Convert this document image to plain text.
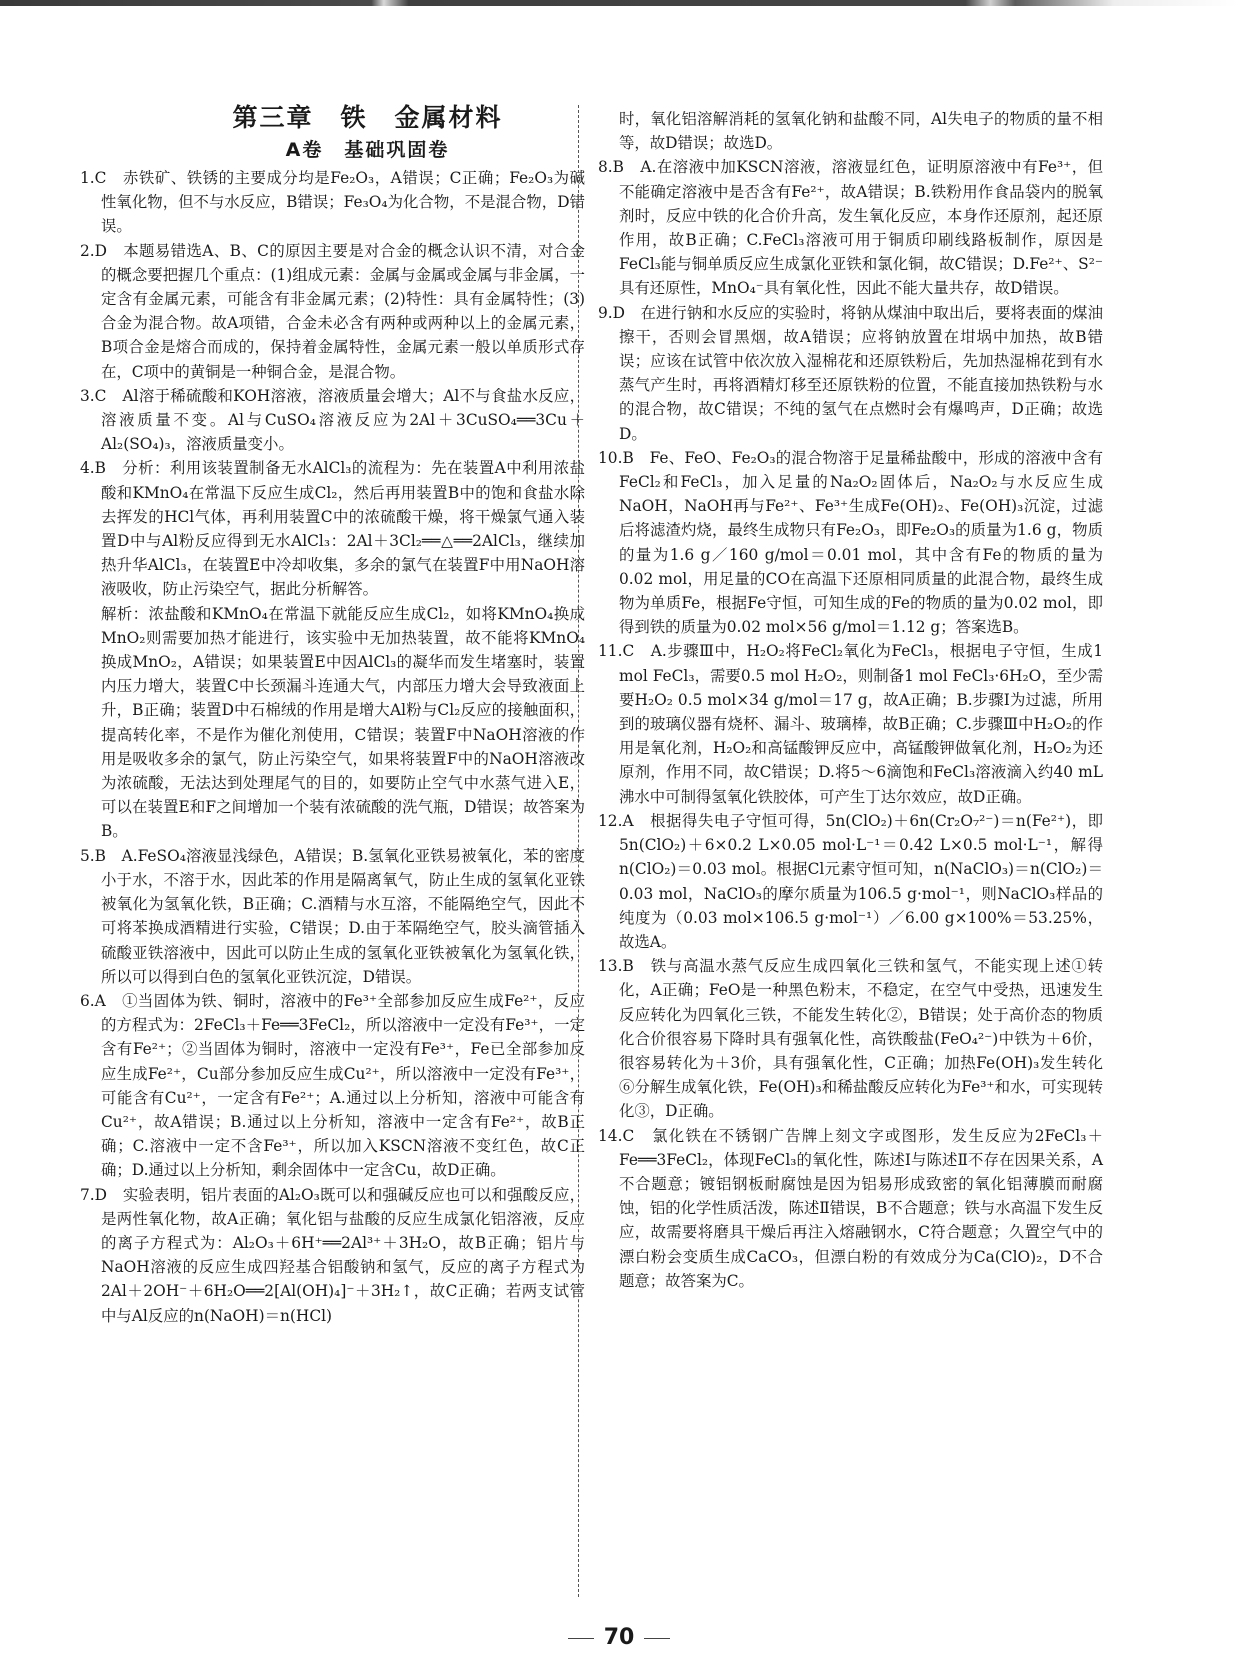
第三章　铁　金属材料
A卷　基础巩固卷

1.C　赤铁矿、铁锈的主要成分均是Fe₂O₃，A错误；C正确；Fe₂O₃为碱性氧化物，但不与水反应，B错误；Fe₃O₄为化合物，不是混合物，D错误。

2.D　本题易错选A、B、C的原因主要是对合金的概念认识不清，对合金的概念要把握几个重点：(1)组成元素：金属与金属或金属与非金属，一定含有金属元素，可能含有非金属元素；(2)特性：具有金属特性；(3)合金为混合物。故A项错，合金未必含有两种或两种以上的金属元素，B项合金是熔合而成的，保持着金属特性，金属元素一般以单质形式存在，C项中的黄铜是一种铜合金，是混合物。

3.C　Al溶于稀硫酸和KOH溶液，溶液质量会增大；Al不与食盐水反应，溶液质量不变。Al与CuSO₄溶液反应为2Al＋3CuSO₄══3Cu＋Al₂(SO₄)₃，溶液质量变小。

4.B　分析：利用该装置制备无水AlCl₃的流程为：先在装置A中利用浓盐酸和KMnO₄在常温下反应生成Cl₂，然后再用装置B中的饱和食盐水除去挥发的HCl气体，再利用装置C中的浓硫酸干燥，将干燥氯气通入装置D中与Al粉反应得到无水AlCl₃：2Al＋3Cl₂══△══2AlCl₃，继续加热升华AlCl₃，在装置E中冷却收集，多余的氯气在装置F中用NaOH溶液吸收，防止污染空气，据此分析解答。

解析：浓盐酸和KMnO₄在常温下就能反应生成Cl₂，如将KMnO₄换成MnO₂则需要加热才能进行，该实验中无加热装置，故不能将KMnO₄换成MnO₂，A错误；如果装置E中因AlCl₃的凝华而发生堵塞时，装置内压力增大，装置C中长颈漏斗连通大气，内部压力增大会导致液面上升，B正确；装置D中石棉绒的作用是增大Al粉与Cl₂反应的接触面积，提高转化率，不是作为催化剂使用，C错误；装置F中NaOH溶液的作用是吸收多余的氯气，防止污染空气，如果将装置F中的NaOH溶液改为浓硫酸，无法达到处理尾气的目的，如要防止空气中水蒸气进入E，可以在装置E和F之间增加一个装有浓硫酸的洗气瓶，D错误；故答案为B。

5.B　A.FeSO₄溶液显浅绿色，A错误；B.氢氧化亚铁易被氧化，苯的密度小于水，不溶于水，因此苯的作用是隔离氧气，防止生成的氢氧化亚铁被氧化为氢氧化铁，B正确；C.酒精与水互溶，不能隔绝空气，因此不可将苯换成酒精进行实验，C错误；D.由于苯隔绝空气，胶头滴管插入硫酸亚铁溶液中，因此可以防止生成的氢氧化亚铁被氧化为氢氧化铁，所以可以得到白色的氢氧化亚铁沉淀，D错误。

6.A　①当固体为铁、铜时，溶液中的Fe³⁺全部参加反应生成Fe²⁺，反应的方程式为：2FeCl₃＋Fe══3FeCl₂，所以溶液中一定没有Fe³⁺，一定含有Fe²⁺；②当固体为铜时，溶液中一定没有Fe³⁺，Fe已全部参加反应生成Fe²⁺，Cu部分参加反应生成Cu²⁺，所以溶液中一定没有Fe³⁺，可能含有Cu²⁺，一定含有Fe²⁺；A.通过以上分析知，溶液中可能含有Cu²⁺，故A错误；B.通过以上分析知，溶液中一定含有Fe²⁺，故B正确；C.溶液中一定不含Fe³⁺，所以加入KSCN溶液不变红色，故C正确；D.通过以上分析知，剩余固体中一定含Cu，故D正确。

7.D　实验表明，铝片表面的Al₂O₃既可以和强碱反应也可以和强酸反应，是两性氧化物，故A正确；氧化铝与盐酸的反应生成氯化铝溶液，反应的离子方程式为：Al₂O₃＋6H⁺══2Al³⁺＋3H₂O，故B正确；铝片与NaOH溶液的反应生成四羟基合铝酸钠和氢气，反应的离子方程式为2Al＋2OH⁻＋6H₂O══2[Al(OH)₄]⁻＋3H₂↑，故C正确；若两支试管中与Al反应的n(NaOH)＝n(HCl)

时，氧化铝溶解消耗的氢氧化钠和盐酸不同，Al失电子的物质的量不相等，故D错误；故选D。

8.B　A.在溶液中加KSCN溶液，溶液显红色，证明原溶液中有Fe³⁺，但不能确定溶液中是否含有Fe²⁺，故A错误；B.铁粉用作食品袋内的脱氧剂时，反应中铁的化合价升高，发生氧化反应，本身作还原剂，起还原作用，故B正确；C.FeCl₃溶液可用于铜质印刷线路板制作，原因是FeCl₃能与铜单质反应生成氯化亚铁和氯化铜，故C错误；D.Fe²⁺、S²⁻具有还原性，MnO₄⁻具有氧化性，因此不能大量共存，故D错误。

9.D　在进行钠和水反应的实验时，将钠从煤油中取出后，要将表面的煤油擦干，否则会冒黑烟，故A错误；应将钠放置在坩埚中加热，故B错误；应该在试管中依次放入湿棉花和还原铁粉后，先加热湿棉花到有水蒸气产生时，再将酒精灯移至还原铁粉的位置，不能直接加热铁粉与水的混合物，故C错误；不纯的氢气在点燃时会有爆鸣声，D正确；故选D。

10.B　Fe、FeO、Fe₂O₃的混合物溶于足量稀盐酸中，形成的溶液中含有FeCl₂和FeCl₃，加入足量的Na₂O₂固体后，Na₂O₂与水反应生成NaOH，NaOH再与Fe²⁺、Fe³⁺生成Fe(OH)₂、Fe(OH)₃沉淀，过滤后将滤渣灼烧，最终生成物只有Fe₂O₃，即Fe₂O₃的质量为1.6 g，物质的量为1.6 g／160 g/mol＝0.01 mol，其中含有Fe的物质的量为0.02 mol，用足量的CO在高温下还原相同质量的此混合物，最终生成物为单质Fe，根据Fe守恒，可知生成的Fe的物质的量为0.02 mol，即得到铁的质量为0.02 mol×56 g/mol＝1.12 g；答案选B。

11.C　A.步骤Ⅲ中，H₂O₂将FeCl₂氧化为FeCl₃，根据电子守恒，生成1 mol FeCl₃，需要0.5 mol H₂O₂，则制备1 mol FeCl₃·6H₂O，至少需要H₂O₂ 0.5 mol×34 g/mol＝17 g，故A正确；B.步骤Ⅰ为过滤，所用到的玻璃仪器有烧杯、漏斗、玻璃棒，故B正确；C.步骤Ⅲ中H₂O₂的作用是氧化剂，H₂O₂和高锰酸钾反应中，高锰酸钾做氧化剂，H₂O₂为还原剂，作用不同，故C错误；D.将5～6滴饱和FeCl₃溶液滴入约40 mL沸水中可制得氢氧化铁胶体，可产生丁达尔效应，故D正确。

12.A　根据得失电子守恒可得，5n(ClO₂)＋6n(Cr₂O₇²⁻)＝n(Fe²⁺)，即5n(ClO₂)＋6×0.2 L×0.05 mol·L⁻¹＝0.42 L×0.5 mol·L⁻¹，解得n(ClO₂)＝0.03 mol。根据Cl元素守恒可知，n(NaClO₃)＝n(ClO₂)＝0.03 mol，NaClO₃的摩尔质量为106.5 g·mol⁻¹，则NaClO₃样品的纯度为（0.03 mol×106.5 g·mol⁻¹）／6.00 g×100%＝53.25%，故选A。

13.B　铁与高温水蒸气反应生成四氧化三铁和氢气，不能实现上述①转化，A正确；FeO是一种黑色粉末，不稳定，在空气中受热，迅速发生反应转化为四氧化三铁，不能发生转化②，B错误；处于高价态的物质化合价很容易下降时具有强氧化性，高铁酸盐(FeO₄²⁻)中铁为＋6价，很容易转化为＋3价，具有强氧化性，C正确；加热Fe(OH)₃发生转化⑥分解生成氧化铁，Fe(OH)₃和稀盐酸反应转化为Fe³⁺和水，可实现转化③，D正确。

14.C　氯化铁在不锈钢广告牌上刻文字或图形，发生反应为2FeCl₃＋Fe══3FeCl₂，体现FeCl₃的氧化性，陈述Ⅰ与陈述Ⅱ不存在因果关系，A不合题意；镀铝钢板耐腐蚀是因为铝易形成致密的氧化铝薄膜而耐腐蚀，铝的化学性质活泼，陈述Ⅱ错误，B不合题意；铁与水高温下发生反应，故需要将磨具干燥后再注入熔融钢水，C符合题意；久置空气中的漂白粉会变质生成CaCO₃，但漂白粉的有效成分为Ca(ClO)₂，D不合题意；故答案为C。

70
